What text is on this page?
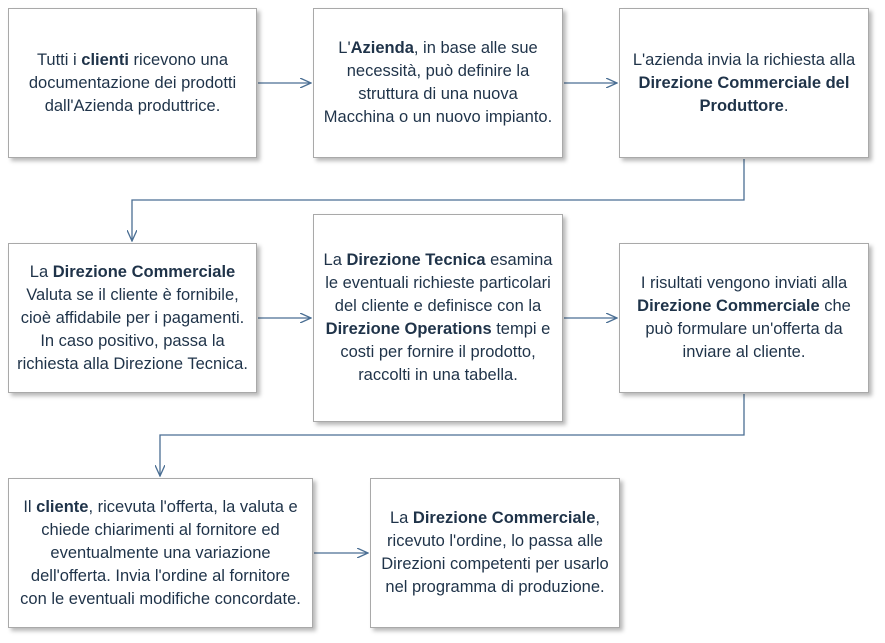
Tutti i clienti ricevono una documentazione dei prodotti dall'Azienda produttrice.

L'Azienda, in base alle sue necessità, può definire la struttura di una nuova Macchina o un nuovo impianto.

L'azienda invia la richiesta alla Direzione Commerciale del Produttore.

La Direzione Commerciale Valuta se il cliente è fornibile, cioè affidabile per i pagamenti. In caso positivo, passa la richiesta alla Direzione Tecnica.

La Direzione Tecnica esamina le eventuali richieste particolari del cliente e definisce con la Direzione Operations tempi e costi per fornire il prodotto, raccolti in una tabella.

I risultati vengono inviati alla Direzione Commerciale che può formulare un'offerta da inviare al cliente.

Il cliente, ricevuta l'offerta, la valuta e chiede chiarimenti al fornitore ed eventualmente una variazione dell'offerta. Invia l'ordine al fornitore con le eventuali modifiche concordate.

La Direzione Commerciale, ricevuto l'ordine, lo passa alle Direzioni competenti per usarlo nel programma di produzione.
